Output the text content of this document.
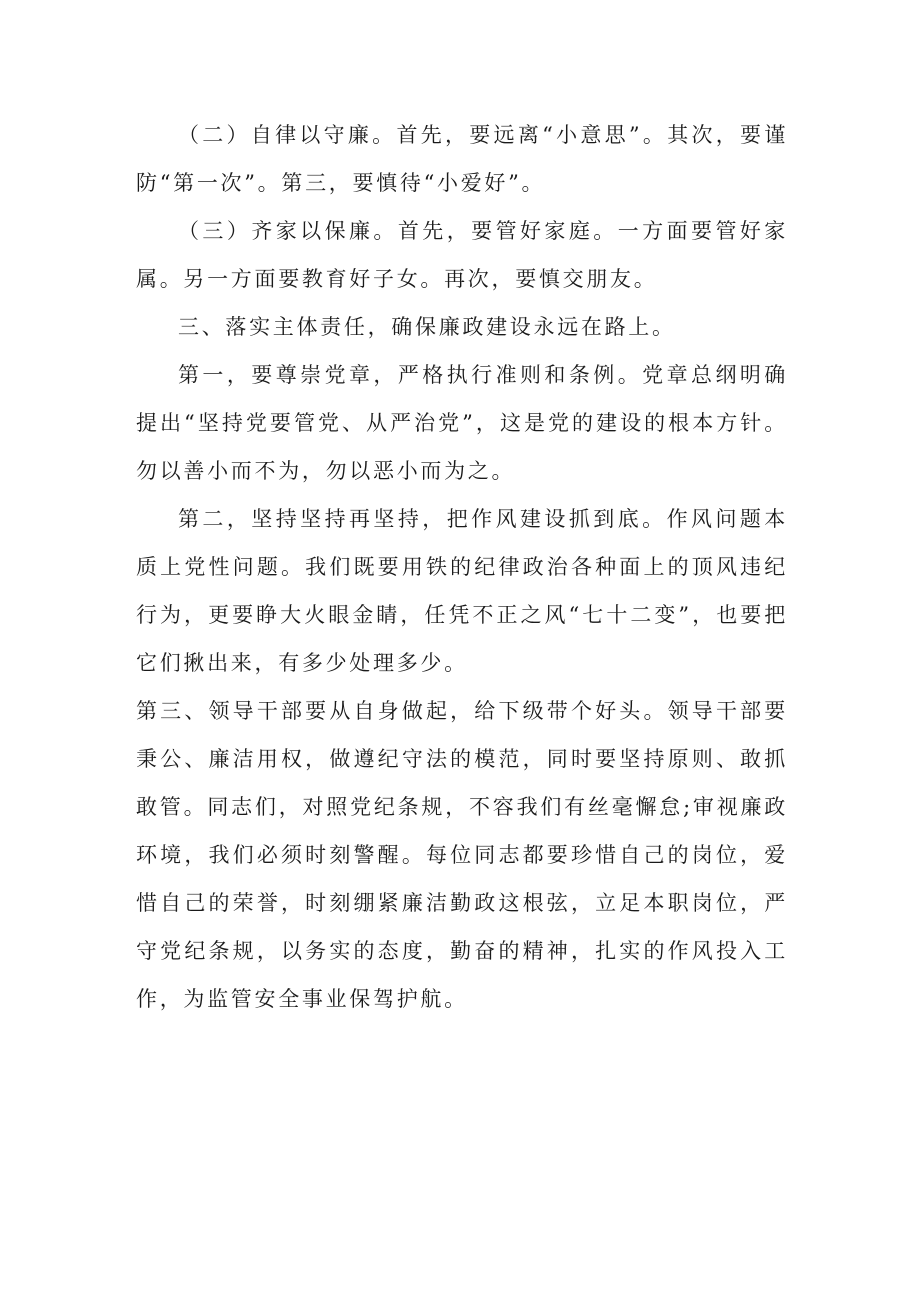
（二）自律以守廉。首先，要远离“小意思”。其次，要谨防“第一次”。第三，要慎待“小爱好”。

（三）齐家以保廉。首先，要管好家庭。一方面要管好家属。另一方面要教育好子女。再次，要慎交朋友。

三、落实主体责任，确保廉政建设永远在路上。

第一，要尊崇党章，严格执行准则和条例。党章总纲明确提出“坚持党要管党、从严治党”，这是党的建设的根本方针。勿以善小而不为，勿以恶小而为之。

第二，坚持坚持再坚持，把作风建设抓到底。作风问题本质上党性问题。我们既要用铁的纪律政治各种面上的顶风违纪行为，更要睁大火眼金睛，任凭不正之风“七十二变”，也要把它们揪出来，有多少处理多少。

第三、领导干部要从自身做起，给下级带个好头。领导干部要秉公、廉洁用权，做遵纪守法的模范，同时要坚持原则、敢抓敢管。同志们，对照党纪条规，不容我们有丝毫懈怠;审视廉政环境，我们必须时刻警醒。每位同志都要珍惜自己的岗位，爱惜自己的荣誉，时刻绷紧廉洁勤政这根弦，立足本职岗位，严守党纪条规，以务实的态度，勤奋的精神，扎实的作风投入工作，为监管安全事业保驾护航。
